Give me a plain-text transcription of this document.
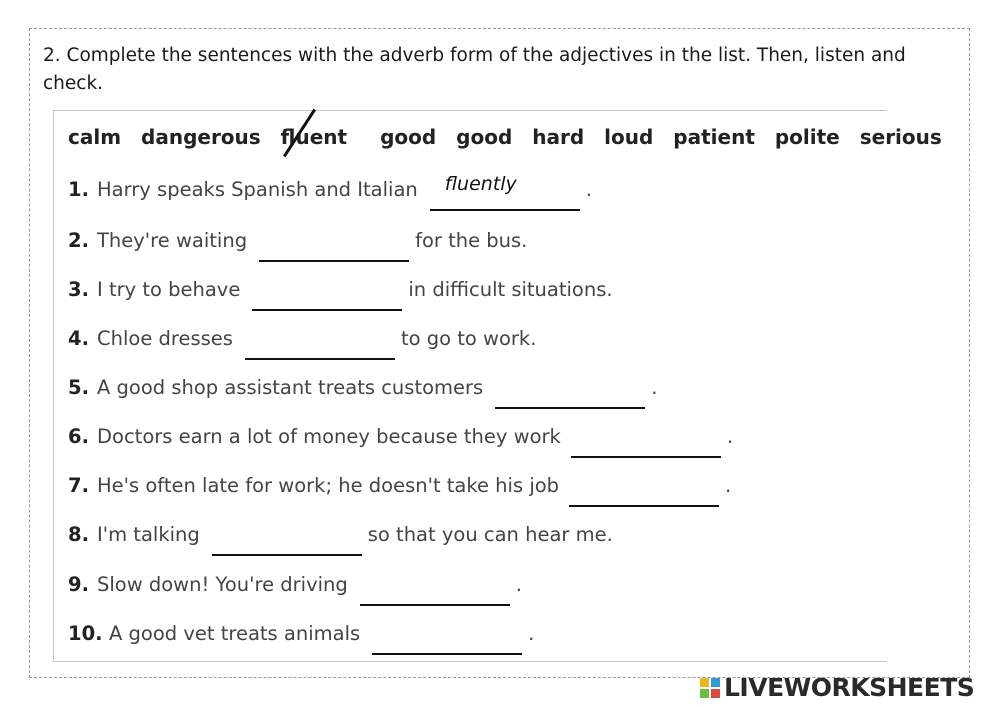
2. Complete the sentences with the adverb form of the adjectives in the list. Then, listen and check.
calm dangerous fluent good good hard loud patient polite serious
1. Harry speaks Spanish and Italian fluently	.
2. They're waiting	for the bus.
3. I try to behave	in difficult situations.
4. Chloe dresses	to go to work.
5. A good shop assistant treats customers	.
6. Doctors earn a lot of money because they work	.
7. He's often late for work; he doesn't take his job	.
8. I'm talking	so that you can hear me.
9. Slow down! You're driving	.
10. A good vet treats animals	.
LIVEWORKSHEETS
